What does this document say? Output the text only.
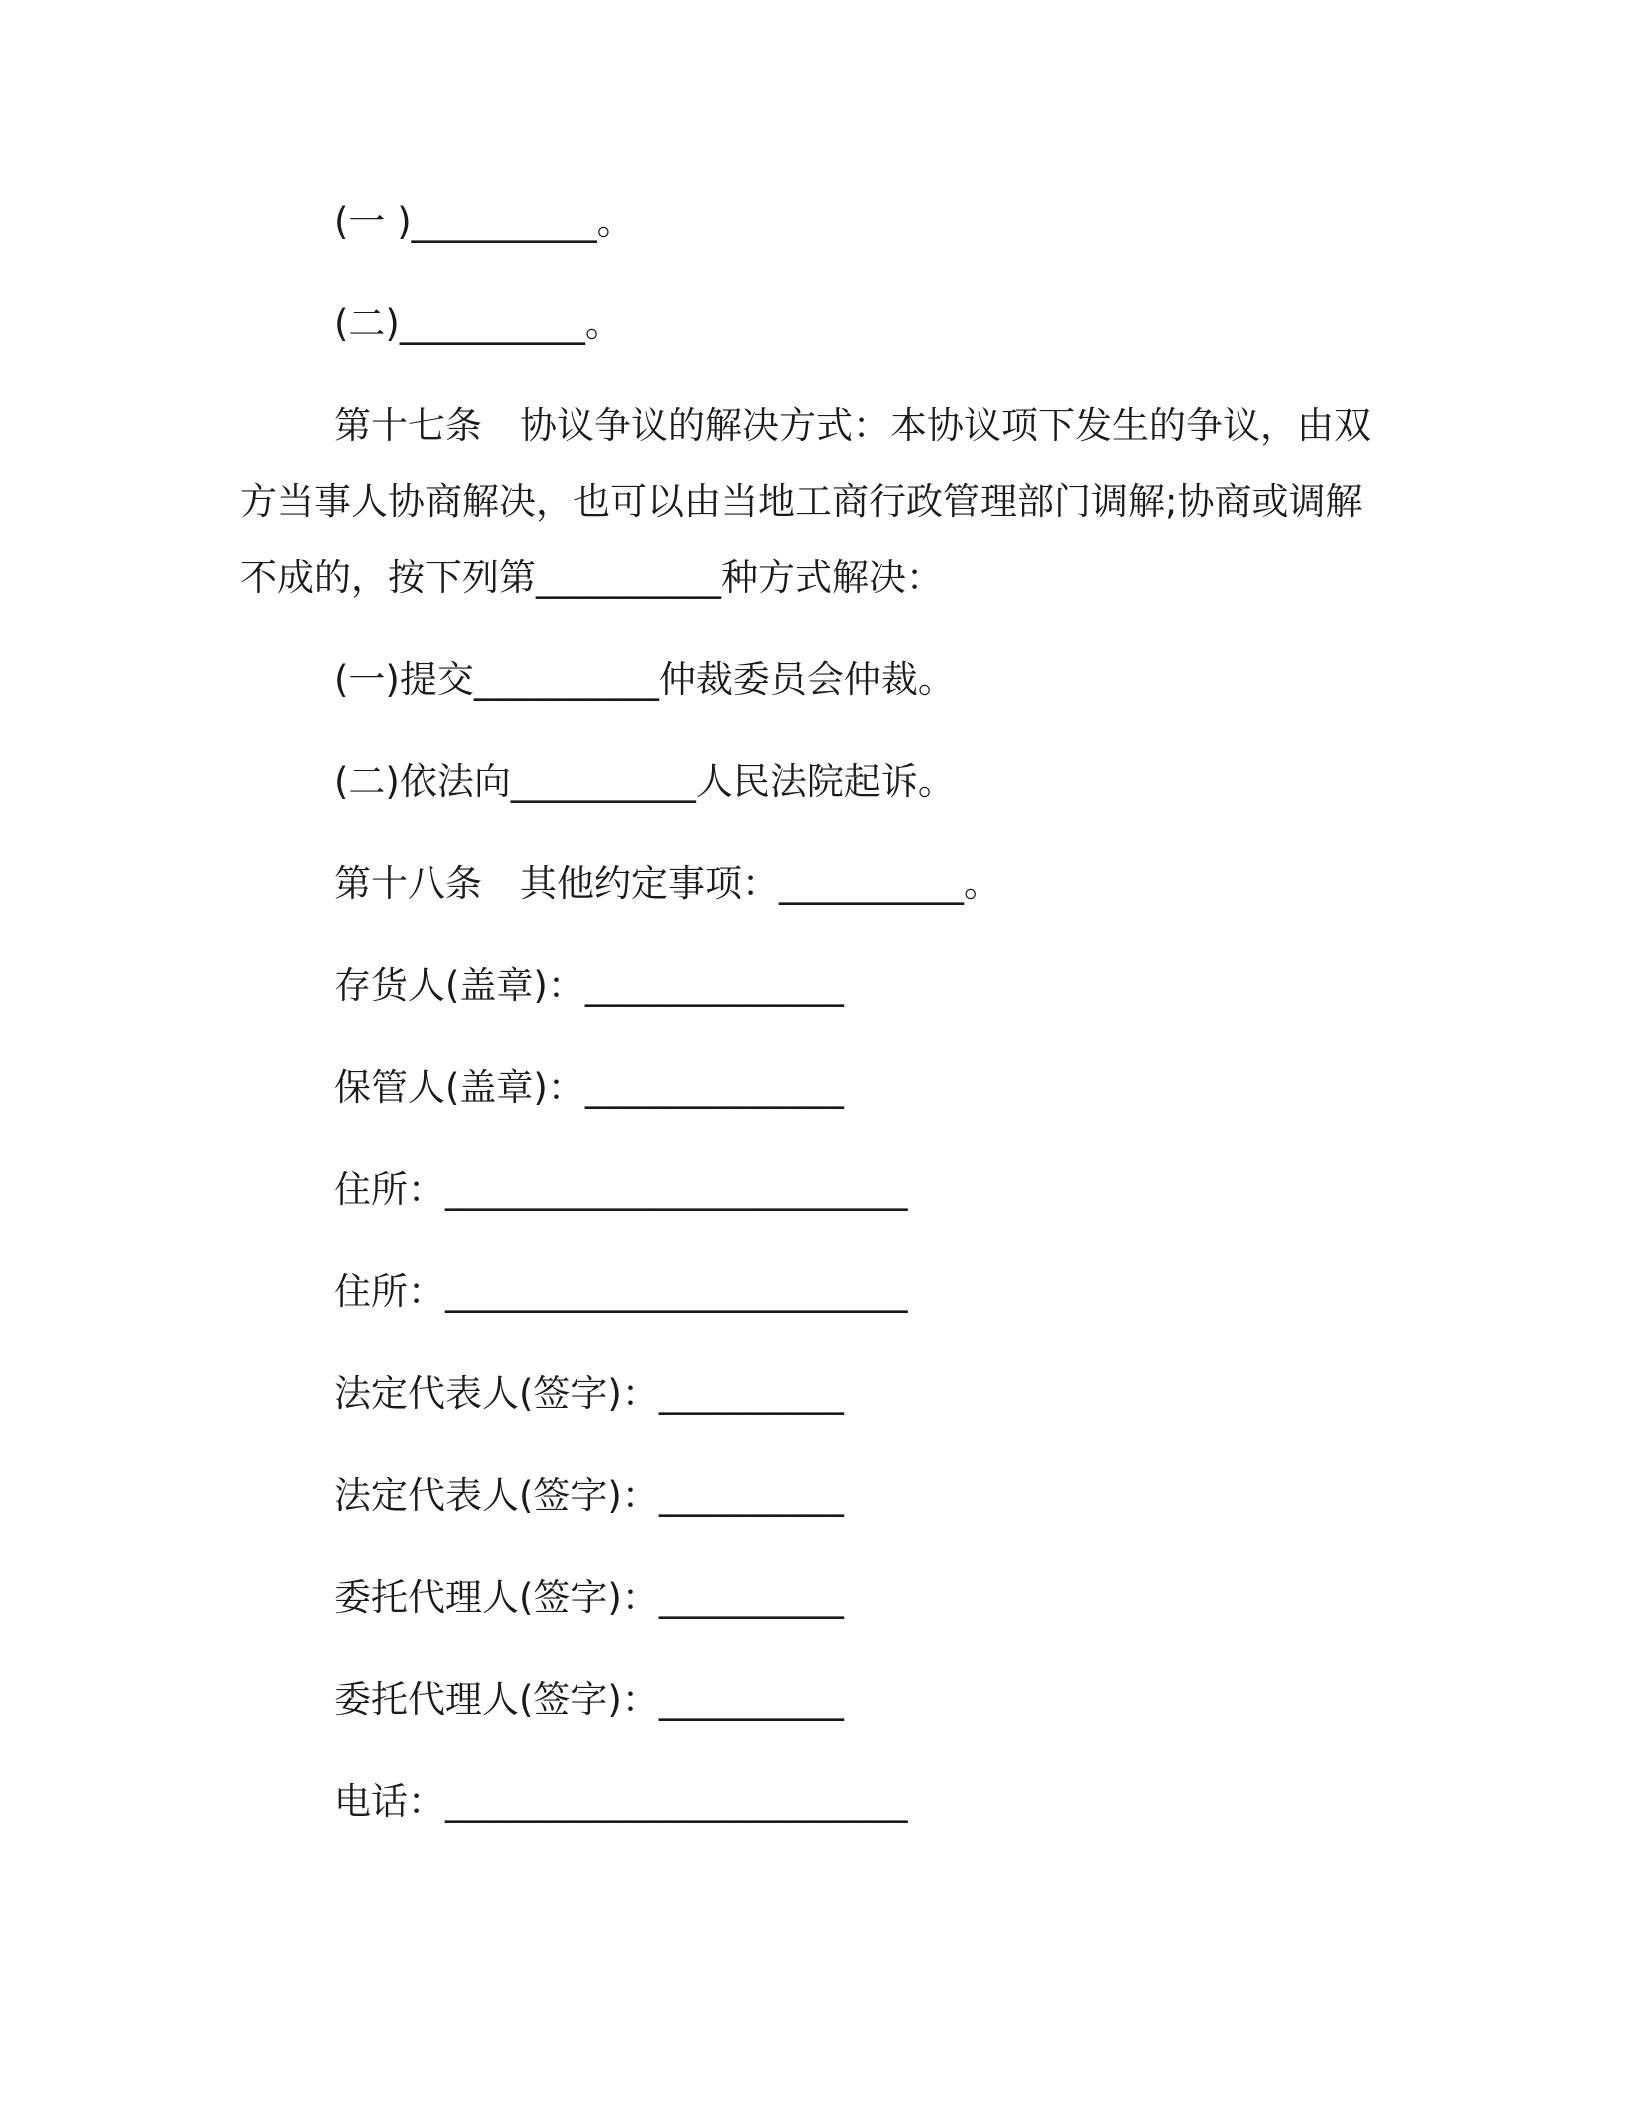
(一 )__________。
(二)__________。
第十七条 协议争议的解决方式：本协议项下发生的争议，由双
方当事人协商解决，也可以由当地工商行政管理部门调解;协商或调解
不成的，按下列第__________种方式解决：
(一)提交__________仲裁委员会仲裁。
(二)依法向__________人民法院起诉。
第十八条 其他约定事项：__________。
存货人(盖章)：______________
保管人(盖章)：______________
住所：_________________________
住所：_________________________
法定代表人(签字)：__________
法定代表人(签字)：__________
委托代理人(签字)：__________
委托代理人(签字)：__________
电话：_________________________
